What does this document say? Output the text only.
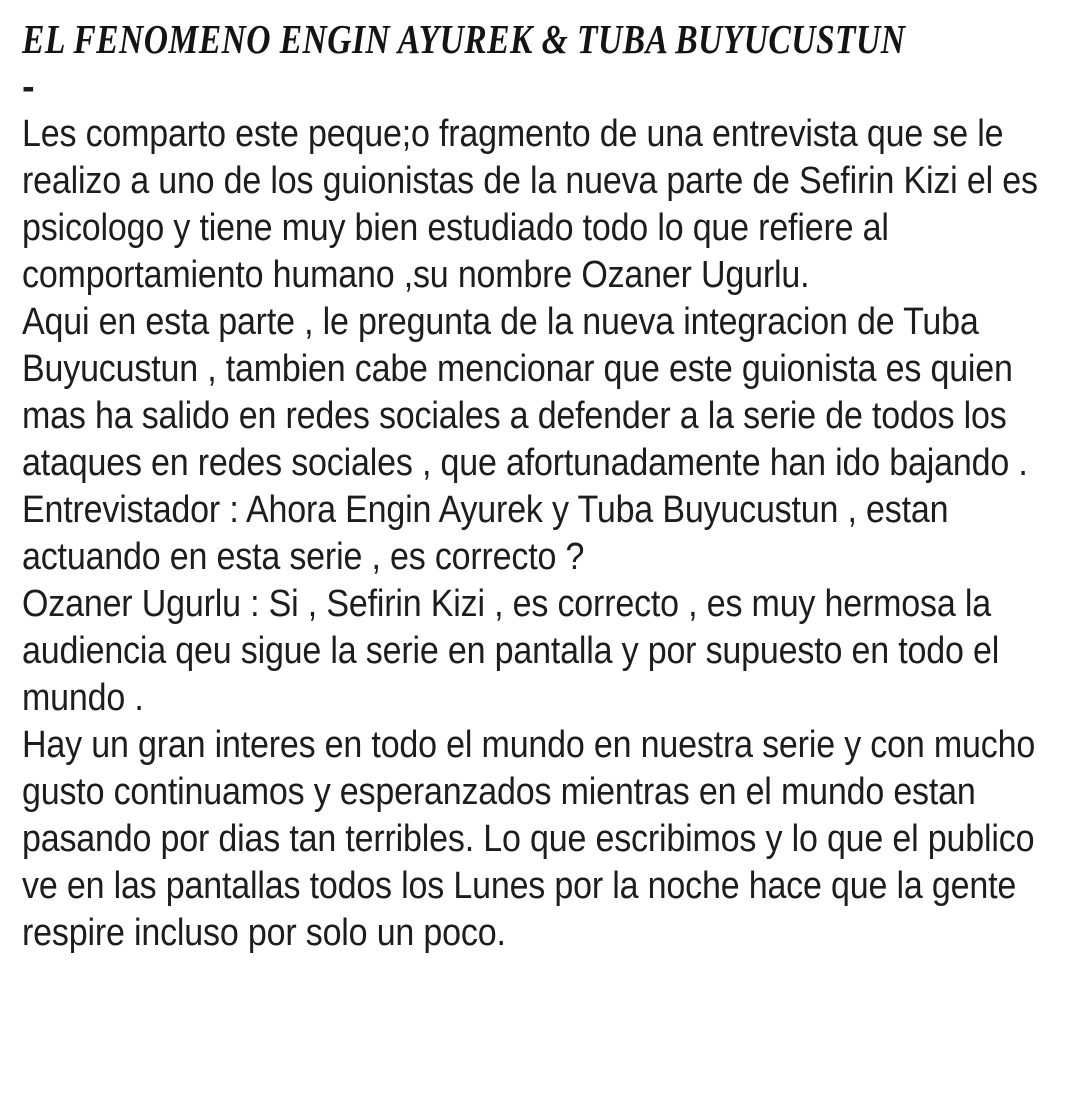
EL FENOMENO ENGIN AYUREK & TUBA BUYUCUSTUN
-

Les comparto este peque;o fragmento de una entrevista que se le realizo a uno de los guionistas de la nueva parte de Sefirin Kizi el es psicologo y tiene muy bien estudiado todo lo que refiere al comportamiento humano ,su nombre Ozaner Ugurlu.

Aqui en esta parte , le pregunta de la nueva integracion de Tuba Buyucustun , tambien cabe mencionar que este guionista es quien mas ha salido en redes sociales a defender a la serie de todos los ataques en redes sociales , que afortunadamente han ido bajando .

Entrevistador : Ahora Engin Ayurek y Tuba Buyucustun , estan actuando en esta serie , es correcto ?

Ozaner Ugurlu : Si , Sefirin Kizi , es correcto , es muy hermosa la audiencia qeu sigue la serie en pantalla y por supuesto en todo el mundo .

Hay un gran interes en todo el mundo en nuestra serie y con mucho gusto continuamos y esperanzados mientras en el mundo estan pasando por dias tan terribles. Lo que escribimos y lo que el publico ve en las pantallas todos los Lunes por la noche hace que la gente respire incluso por solo un poco.
